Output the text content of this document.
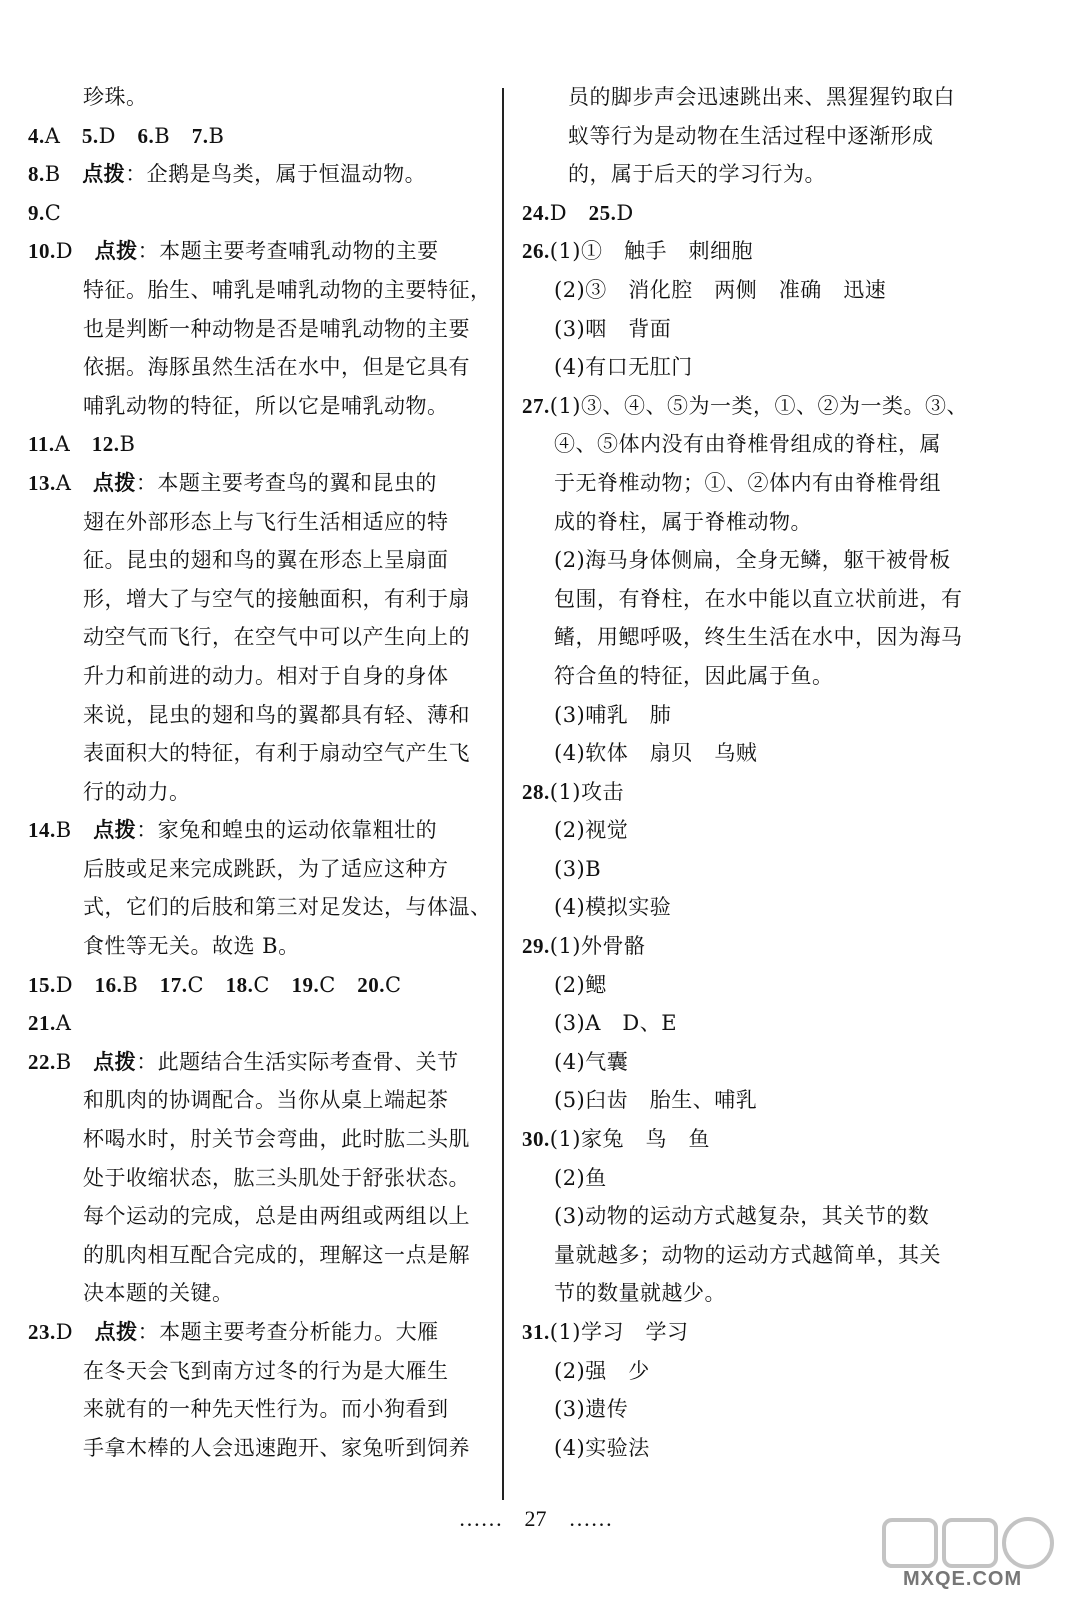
珍珠。
4.A　5.D　6.B　7.B
8.B　点拨：企鹅是鸟类，属于恒温动物。
9.C
10.D　点拨：本题主要考查哺乳动物的主要
特征。胎生、哺乳是哺乳动物的主要特征，
也是判断一种动物是否是哺乳动物的主要
依据。海豚虽然生活在水中，但是它具有
哺乳动物的特征，所以它是哺乳动物。
11.A　12.B
13.A　点拨：本题主要考查鸟的翼和昆虫的
翅在外部形态上与飞行生活相适应的特
征。昆虫的翅和鸟的翼在形态上呈扇面
形，增大了与空气的接触面积，有利于扇
动空气而飞行，在空气中可以产生向上的
升力和前进的动力。相对于自身的身体
来说，昆虫的翅和鸟的翼都具有轻、薄和
表面积大的特征，有利于扇动空气产生飞
行的动力。
14.B　点拨：家兔和蝗虫的运动依靠粗壮的
后肢或足来完成跳跃，为了适应这种方
式，它们的后肢和第三对足发达，与体温、
食性等无关。故选 B。
15.D　16.B　17.C　18.C　19.C　20.C
21.A
22.B　点拨：此题结合生活实际考查骨、关节
和肌肉的协调配合。当你从桌上端起茶
杯喝水时，肘关节会弯曲，此时肱二头肌
处于收缩状态，肱三头肌处于舒张状态。
每个运动的完成，总是由两组或两组以上
的肌肉相互配合完成的，理解这一点是解
决本题的关键。
23.D　点拨：本题主要考查分析能力。大雁
在冬天会飞到南方过冬的行为是大雁生
来就有的一种先天性行为。而小狗看到
手拿木棒的人会迅速跑开、家兔听到饲养
员的脚步声会迅速跳出来、黑猩猩钓取白
蚁等行为是动物在生活过程中逐渐形成
的，属于后天的学习行为。
24.D　25.D
26.(1)①　触手　刺细胞
(2)③　消化腔　两侧　准确　迅速
(3)咽　背面
(4)有口无肛门
27.(1)③、④、⑤为一类，①、②为一类。③、
④、⑤体内没有由脊椎骨组成的脊柱，属
于无脊椎动物；①、②体内有由脊椎骨组
成的脊柱，属于脊椎动物。
(2)海马身体侧扁，全身无鳞，躯干被骨板
包围，有脊柱，在水中能以直立状前进，有
鳍，用鳃呼吸，终生生活在水中，因为海马
符合鱼的特征，因此属于鱼。
(3)哺乳　肺
(4)软体　扇贝　乌贼
28.(1)攻击
(2)视觉
(3)B
(4)模拟实验
29.(1)外骨骼
(2)鳃
(3)A　D、E
(4)气囊
(5)臼齿　胎生、哺乳
30.(1)家兔　鸟　鱼
(2)鱼
(3)动物的运动方式越复杂，其关节的数
量就越多；动物的运动方式越简单，其关
节的数量就越少。
31.(1)学习　学习
(2)强　少
(3)遗传
(4)实验法
……　27　……
MXQE.COM
